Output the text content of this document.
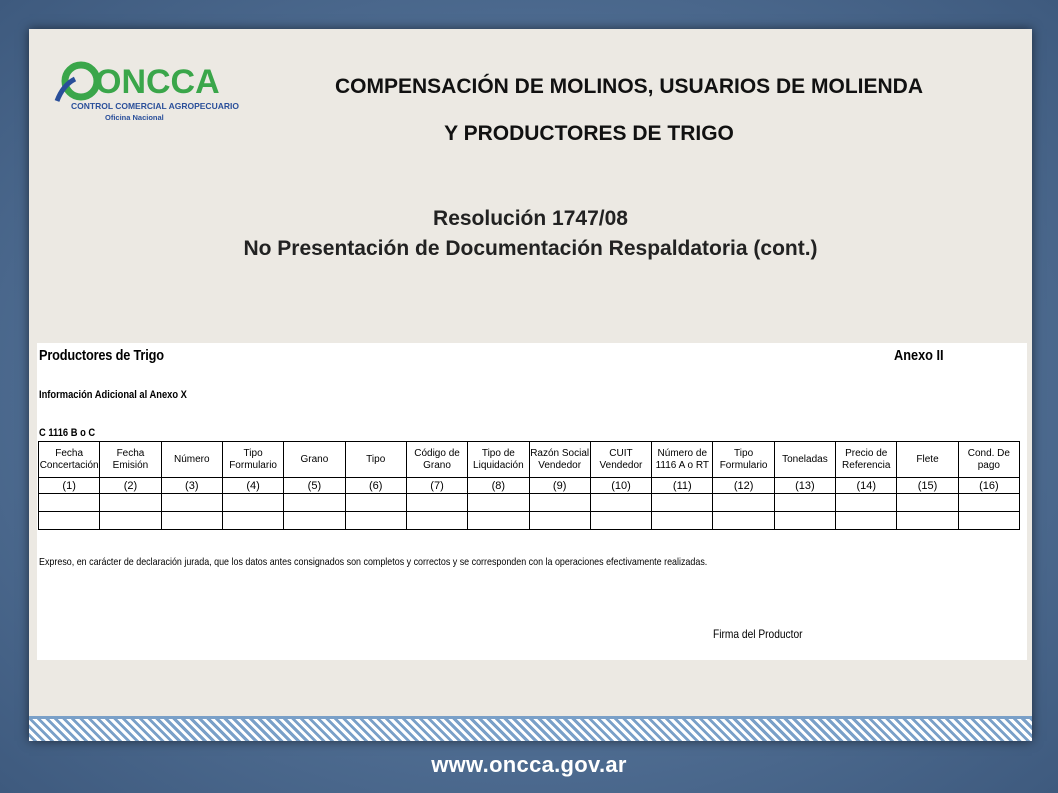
ONCCA
CONTROL COMERCIAL AGROPECUARIO
Oficina Nacional
COMPENSACIÓN DE MOLINOS, USUARIOS DE MOLIENDA
Y PRODUCTORES DE TRIGO
Resolución 1747/08
No Presentación de Documentación Respaldatoria (cont.)
Productores de Trigo	Anexo II
Información Adicional al Anexo X
C 1116 B o C
Fecha Concertación	Fecha Emisión	Número	Tipo Formulario	Grano	Tipo	Código de Grano	Tipo de Liquidación	Razón Social Vendedor	CUIT Vendedor	Número de 1116 A o RT	Tipo Formulario	Toneladas	Precio de Referencia	Flete	Cond. De pago
(1)	(2)	(3)	(4)	(5)	(6)	(7)	(8)	(9)	(10)	(11)	(12)	(13)	(14)	(15)	(16)

Expreso, en carácter de declaración jurada, que los datos antes consignados son completos y correctos y se corresponden con la operaciones efectivamente realizadas.
Firma del Productor
www.oncca.gov.ar
